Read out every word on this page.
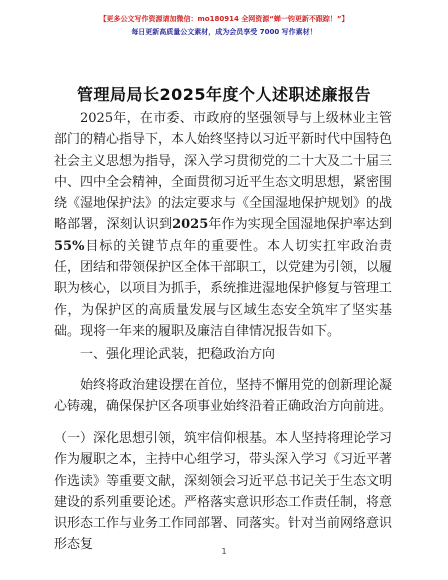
【更多公文写作资源请加微信：mo180914 全网资源“蝉一钧更新不跟踪！”】
每日更新高质量公文素材，成为会员享受 7000 写作素材！
管理局局长2025年度个人述职述廉报告

2025年，在市委、市政府的坚强领导与上级林业主管部门的精心指导下，本人始终坚持以习近平新时代中国特色社会主义思想为指导，深入学习贯彻党的二十大及二十届三中、四中全会精神，全面贯彻习近平生态文明思想，紧密围绕《湿地保护法》的法定要求与《全国湿地保护规划》的战略部署，深刻认识到2025年作为实现全国湿地保护率达到55%目标的关键节点年的重要性。本人切实扛牢政治责任，团结和带领保护区全体干部职工，以党建为引领，以履职为核心，以项目为抓手，系统推进湿地保护修复与管理工作，为保护区的高质量发展与区域生态安全筑牢了坚实基础。现将一年来的履职及廉洁自律情况报告如下。

一、强化理论武装，把稳政治方向

始终将政治建设摆在首位，坚持不懈用党的创新理论凝心铸魂，确保保护区各项事业始终沿着正确政治方向前进。

（一）深化思想引领，筑牢信仰根基。本人坚持将理论学习作为履职之本，主持中心组学习，带头深入学习《习近平著作选读》等重要文献，深刻领会习近平总书记关于生态文明建设的系列重要论述。严格落实意识形态工作责任制，将意识形态工作与业务工作同部署、同落实。针对当前网络意识形态复	1
